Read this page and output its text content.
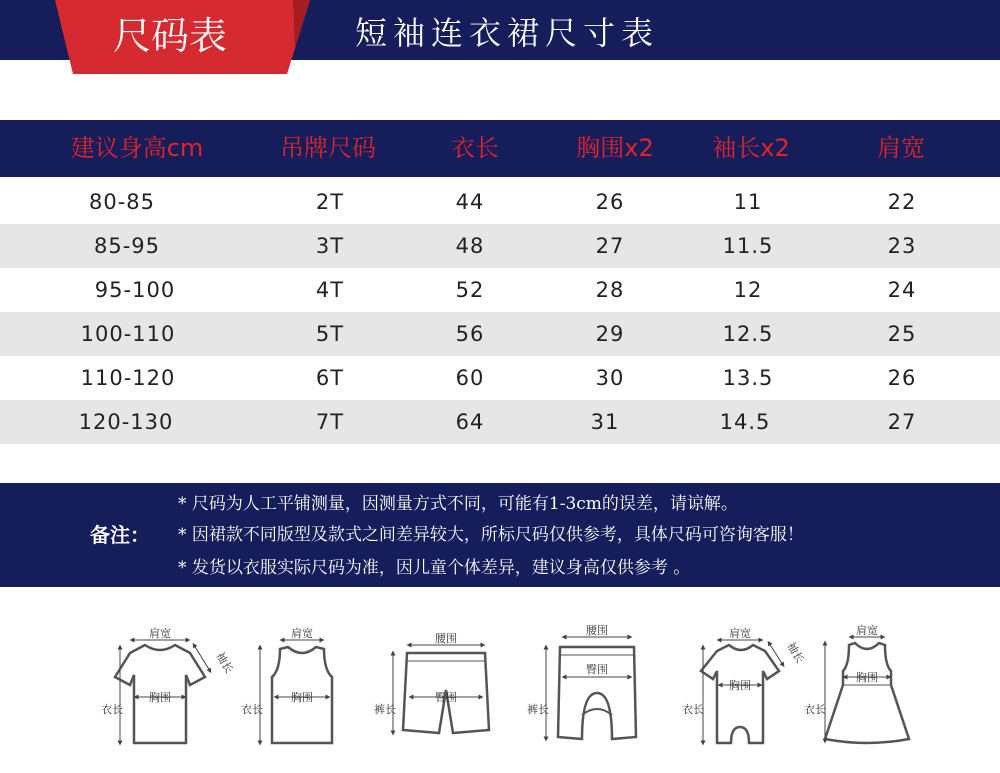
尺码表	短袖连衣裙尺寸表
建议身高cm	吊牌尺码	衣长	胸围x2	袖长x2	肩宽
80-85	2T	44	26	11	22
85-95	3T	48	27	11.5	23
95-100	4T	52	28	12	24
100-110	5T	56	29	12.5	25
110-120	6T	60	30	13.5	26
120-130	7T	64	31	14.5	27
备注：
* 尺码为人工平铺测量，因测量方式不同，可能有1-3cm的误差，请谅解。
* 因裙款不同版型及款式之间差异较大，所标尺码仅供参考，具体尺码可咨询客服！
* 发货以衣服实际尺码为准，因儿童个体差异，建议身高仅供参考 。
肩宽
袖长
胸围
衣长
肩宽
胸围
衣长
腰围
臀围
裤长
腰围
臀围
裤长
肩宽
袖长
胸围
衣长
肩宽
胸围
衣长
